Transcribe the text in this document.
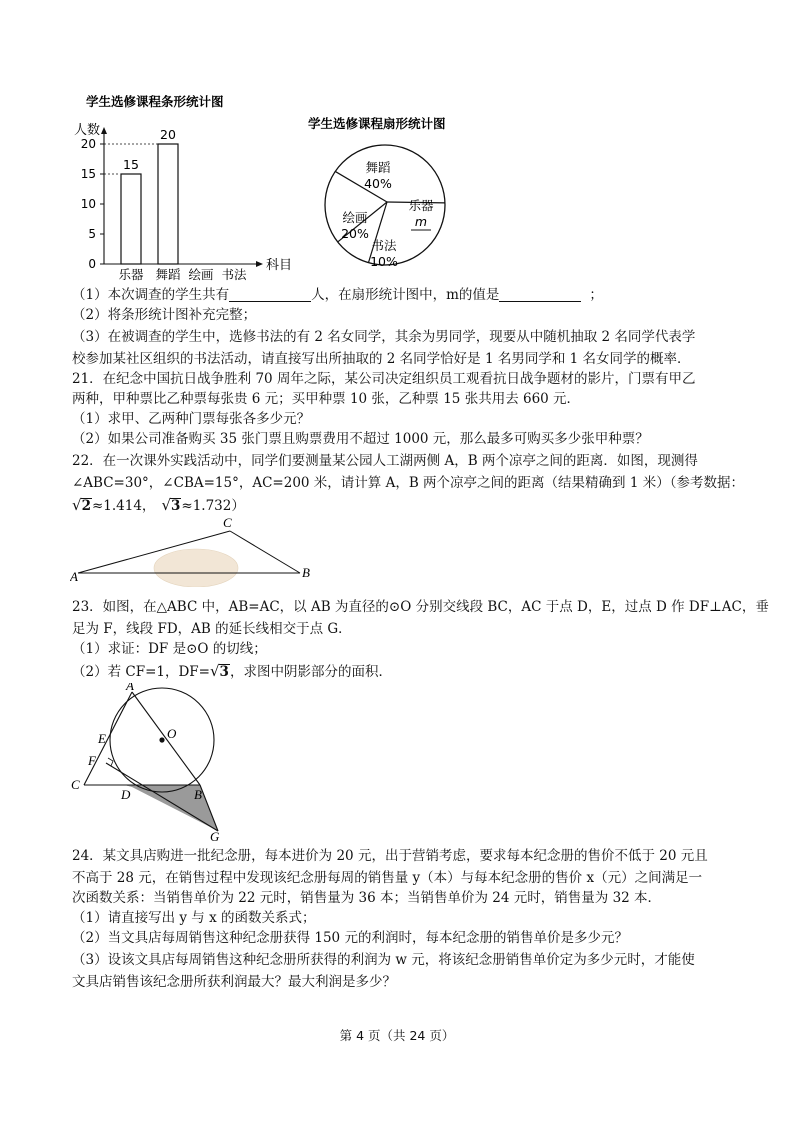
学生选修课程条形统计图
人数
0
5
10
15
20
15
20
乐器 舞蹈 绘画 书法
科目
学生选修课程扇形统计图
舞蹈
40%
乐器
m
书法
10%
绘画
20%
（1）本次调查的学生共有	人，在扇形统计图中，m的值是	；
（2）将条形统计图补充完整；
（3）在被调查的学生中，选修书法的有 2 名女同学，其余为男同学，现要从中随机抽取 2 名同学代表学
校参加某社区组织的书法活动，请直接写出所抽取的 2 名同学恰好是 1 名男同学和 1 名女同学的概率．
21．在纪念中国抗日战争胜利 70 周年之际，某公司决定组织员工观看抗日战争题材的影片，门票有甲乙
两种，甲种票比乙种票每张贵 6 元；买甲种票 10 张，乙种票 15 张共用去 660 元．
（1）求甲、乙两种门票每张各多少元？
（2）如果公司准备购买 35 张门票且购票费用不超过 1000 元，那么最多可购买多少张甲种票？
22．在一次课外实践活动中，同学们要测量某公园人工湖两侧 A，B 两个凉亭之间的距离．如图，现测得
∠ABC=30°，∠CBA=15°，AC=200 米，请计算 A，B 两个凉亭之间的距离（结果精确到 1 米）（参考数据：
√2≈1.414， √3≈1.732）
C
A	B
23．如图，在△ABC 中，AB=AC，以 AB 为直径的⊙O 分别交线段 BC，AC 于点 D，E，过点 D 作 DF⊥AC，垂
足为 F，线段 FD，AB 的延长线相交于点 G．
（1）求证：DF 是⊙O 的切线；
（2）若 CF=1，DF=√3，求图中阴影部分的面积．
A
O
E
F
C
D	B
G
24．某文具店购进一批纪念册，每本进价为 20 元，出于营销考虑，要求每本纪念册的售价不低于 20 元且
不高于 28 元，在销售过程中发现该纪念册每周的销售量 y（本）与每本纪念册的售价 x（元）之间满足一
次函数关系：当销售单价为 22 元时，销售量为 36 本；当销售单价为 24 元时，销售量为 32 本．
（1）请直接写出 y 与 x 的函数关系式；
（2）当文具店每周销售这种纪念册获得 150 元的利润时，每本纪念册的销售单价是多少元？
（3）设该文具店每周销售这种纪念册所获得的利润为 w 元，将该纪念册销售单价定为多少元时，才能使
文具店销售该纪念册所获利润最大？最大利润是多少？
第 4 页（共 24 页）
